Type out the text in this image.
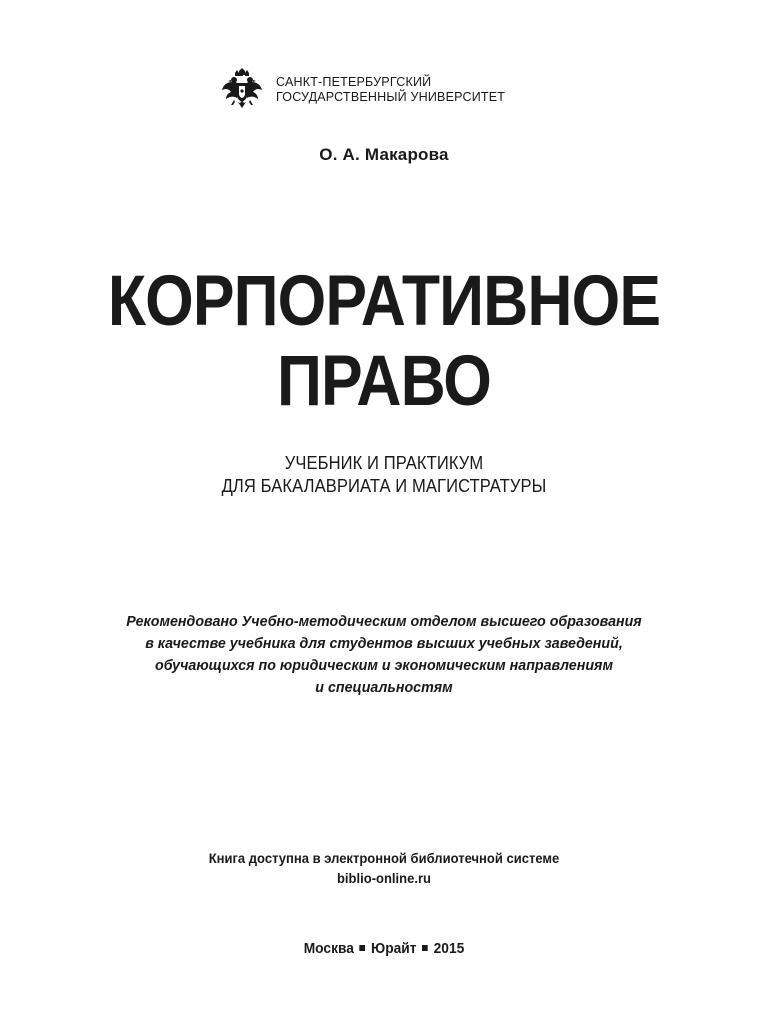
САНКТ-ПЕТЕРБУРГСКИЙ
ГОСУДАРСТВЕННЫЙ УНИВЕРСИТЕТ
О. А. Макарова
КОРПОРАТИВНОЕ
ПРАВО
УЧЕБНИК И ПРАКТИКУМ
ДЛЯ БАКАЛАВРИАТА И МАГИСТРАТУРЫ
Рекомендовано Учебно-методическим отделом высшего образования
в качестве учебника для студентов высших учебных заведений,
обучающихся по юридическим и экономическим направлениям
и специальностям
Книга доступна в электронной библиотечной системе
biblio-online.ru
Москва Юрайт 2015
